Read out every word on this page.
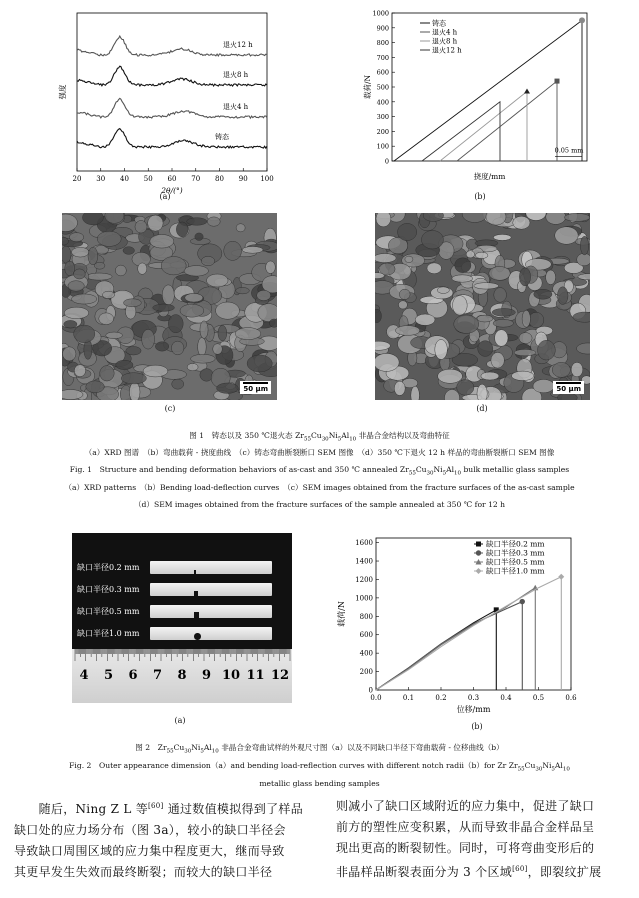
20 30 40 50 60 70 80 90 100
2θ/(°)
强度
铸态
退火4 h
退火8 h
退火12 h
(a)
0
100
200
300
400
500
600
700
800
900
1000
挠度/mm
载荷/N
铸态
退火4 h
退火8 h
退火12 h
0.05 mm
(b)
50 μm
(c)
50 μm
(d)
图 1　铸态以及 350 ℃退火态 $Zr_{55}Cu_{30}Ni_5Al_{10}$ 非晶合金结构以及弯曲特征
（a）XRD 图谱　（b）弯曲载荷 - 挠度曲线　（c）铸态弯曲断裂断口 SEM 图像　（d）350 ℃下退火 12 h 样品的弯曲断裂断口 SEM 图像
Fig. 1　Structure and bending deformation behaviors of as-cast and 350 ℃ annealed $Zr_{55}Cu_{30}Ni_5Al_{10}$ bulk metallic glass samples
（a）XRD patterns　（b）Bending load-deflection curves　（c）SEM images obtained from the fracture surfaces of the as-cast sample
（d）SEM images obtained from the fracture surfaces of the sample annealed at 350 ℃ for 12 h
缺口半径0.2 mm
缺口半径0.3 mm
缺口半径0.5 mm
缺口半径1.0 mm
4 5 6 7 8 9 10 11 12
(a)
0.0	0.1	0.2	0.3	0.4	0.5	0.6
0
200
400
600
800
1000
1200
1400
1600
位移/mm
载荷/N
缺口半径0.2 mm
缺口半径0.3 mm
缺口半径0.5 mm
缺口半径1.0 mm
(b)
图 2　$Zr_{55}Cu_{30}Ni_5Al_{10}$ 非晶合金弯曲试样的外观尺寸图（a）以及不同缺口半径下弯曲载荷 - 位移曲线（b）
Fig. 2　Outer appearance dimension（a）and bending load-reflection curves with different notch radii（b）for Zr $Zr_{55}Cu_{30}Ni_5Al_{10}$
metallic glass bending samples
　　随后，Ning Z L 等[60] 通过数值模拟得到了样品
缺口处的应力场分布（图 3a），较小的缺口半径会
导致缺口周围区域的应力集中程度更大，继而导致
其更早发生失效而最终断裂；而较大的缺口半径
则减小了缺口区域附近的应力集中，促进了缺口
前方的塑性应变积累，从而导致非晶合金样品呈
现出更高的断裂韧性。同时，可将弯曲变形后的
非晶样品断裂表面分为 3 个区域[60]，即裂纹扩展
